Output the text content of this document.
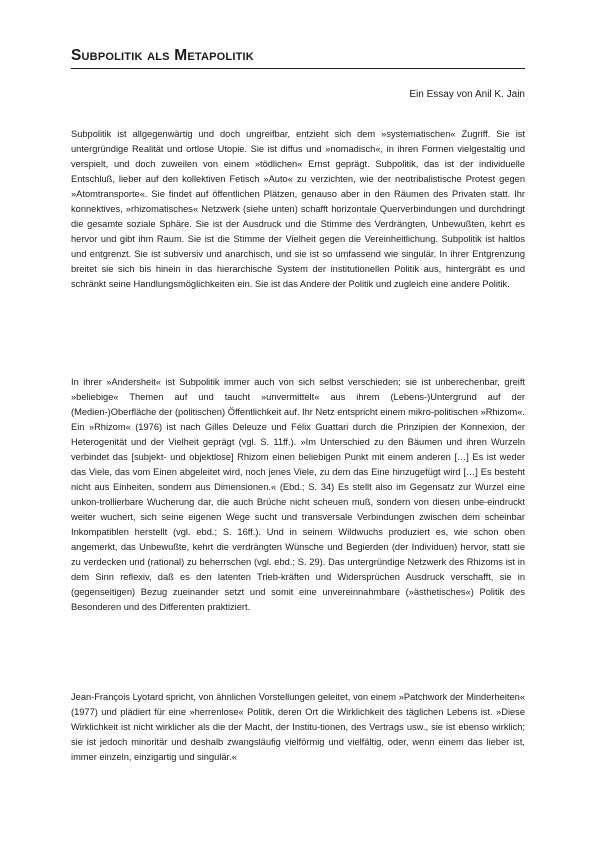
Subpolitik als Metapolitik
Ein Essay von Anil K. Jain

Subpolitik ist allgegenwärtig und doch ungreifbar, entzieht sich dem »systematischen« Zugriff. Sie ist untergründige Realität und ortlose Utopie. Sie ist diffus und »nomadisch«, in ihren Formen vielgestaltig und verspielt, und doch zuweilen von einem »tödlichen« Ernst geprägt. Subpolitik, das ist der individuelle Entschluß, lieber auf den kollektiven Fetisch »Auto« zu verzichten, wie der neotribalistische Protest gegen »Atomtransporte«. Sie findet auf öffentlichen Plätzen, genauso aber in den Räumen des Privaten statt. Ihr konnektives, »rhizomatisches« Netzwerk (siehe unten) schafft horizontale Querverbindungen und durchdringt die gesamte soziale Sphäre. Sie ist der Ausdruck und die Stimme des Verdrängten, Unbewußten, kehrt es hervor und gibt ihm Raum. Sie ist die Stimme der Vielheit gegen die Vereinheitlichung. Subpolitik ist haltlos und entgrenzt. Sie ist subversiv und anarchisch, und sie ist so umfassend wie singulär. In ihrer Entgrenzung breitet sie sich bis hinein in das hierarchische System der institutionellen Politik aus, hintergräbt es und schränkt seine Handlungsmöglichkeiten ein. Sie ist das Andere der Politik und zugleich eine andere Politik.

In ihrer »Andersheit« ist Subpolitik immer auch von sich selbst verschieden; sie ist unberechenbar, greift »beliebige« Themen auf und taucht »unvermittelt« aus ihrem (Lebens-)Untergrund auf der (Medien-)Oberfläche der (politischen) Öffentlichkeit auf. Ihr Netz entspricht einem mikro-politischen »Rhizom«. Ein »Rhizom« (1976) ist nach Gilles Deleuze und Félix Guattari durch die Prinzipien der Konnexion, der Heterogenität und der Vielheit geprägt (vgl. S. 11ff.). »Im Unterschied zu den Bäumen und ihren Wurzeln verbindet das [subjekt- und objektlose] Rhizom einen beliebigen Punkt mit einem anderen […] Es ist weder das Viele, das vom Einen abgeleitet wird, noch jenes Viele, zu dem das Eine hinzugefügt wird […] Es besteht nicht aus Einheiten, sondern aus Dimensionen.« (Ebd.; S. 34) Es stellt also im Gegensatz zur Wurzel eine unkon-trollierbare Wucherung dar, die auch Brüche nicht scheuen muß, sondern von diesen unbe-eindruckt weiter wuchert, sich seine eigenen Wege sucht und transversale Verbindungen zwischen dem scheinbar Inkompatiblen herstellt (vgl. ebd.; S. 16ff.). Und in seinem Wildwuchs produziert es, wie schon oben angemerkt, das Unbewußte, kehrt die verdrängten Wünsche und Begierden (der Individuen) hervor, statt sie zu verdecken und (rational) zu beherrschen (vgl. ebd.; S. 29). Das untergründige Netzwerk des Rhizoms ist in dem Sinn reflexiv, daß es den latenten Trieb-kräften und Widersprüchen Ausdruck verschafft, sie in (gegenseitigen) Bezug zueinander setzt und somit eine unvereinnahmbare (»ästhetisches«) Politik des Besonderen und des Differenten praktiziert.

Jean-François Lyotard spricht, von ähnlichen Vorstellungen geleitet, von einem »Patchwork der Minderheiten« (1977) und plädiert für eine »herrenlose« Politik, deren Ort die Wirklichkeit des täglichen Lebens ist. »Diese Wirklichkeit ist nicht wirklicher als die der Macht, der Institu-tionen, des Vertrags usw., sie ist ebenso wirklich; sie ist jedoch minoritär und deshalb zwangsläufig vielförmig und vielfältig, oder, wenn einem das lieber ist, immer einzeln, einzigartig und singulär.«
